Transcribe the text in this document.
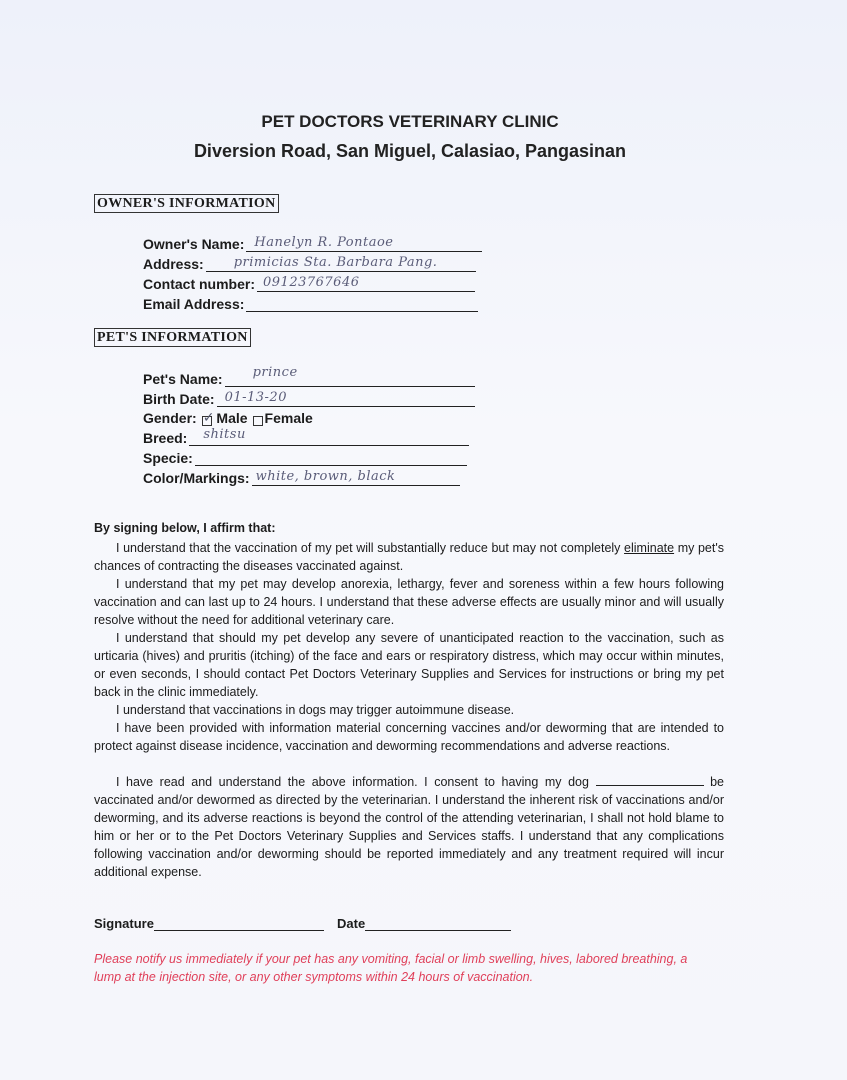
PET DOCTORS VETERINARY CLINIC
Diversion Road, San Miguel, Calasiao, Pangasinan
OWNER'S INFORMATION
Owner's Name: Hanelyn R. Pontaoe
Address: primicias Sta. Barbara Pang.
Contact number: 09123767646
Email Address:
PET'S INFORMATION
Pet's Name: prince
Birth Date: 01-13-20
Gender: ✓ Male Female
Breed: shitsu
Specie:
Color/Markings: white, brown, black
By signing below, I affirm that:
I understand that the vaccination of my pet will substantially reduce but may not completely eliminate my pet's chances of contracting the diseases vaccinated against.
I understand that my pet may develop anorexia, lethargy, fever and soreness within a few hours following vaccination and can last up to 24 hours. I understand that these adverse effects are usually minor and will usually resolve without the need for additional veterinary care.
I understand that should my pet develop any severe of unanticipated reaction to the vaccination, such as urticaria (hives) and pruritis (itching) of the face and ears or respiratory distress, which may occur within minutes, or even seconds, I should contact Pet Doctors Veterinary Supplies and Services for instructions or bring my pet back in the clinic immediately.
I understand that vaccinations in dogs may trigger autoimmune disease.
I have been provided with information material concerning vaccines and/or deworming that are intended to protect against disease incidence, vaccination and deworming recommendations and adverse reactions.
I have read and understand the above information. I consent to having my dog	be vaccinated and/or dewormed as directed by the veterinarian. I understand the inherent risk of vaccinations and/or deworming, and its adverse reactions is beyond the control of the attending veterinarian, I shall not hold blame to him or her or to the Pet Doctors Veterinary Supplies and Services staffs. I understand that any complications following vaccination and/or deworming should be reported immediately and any treatment required will incur additional expense.
Signature	Date
Please notify us immediately if your pet has any vomiting, facial or limb swelling, hives, labored breathing, a lump at the injection site, or any other symptoms within 24 hours of vaccination.
